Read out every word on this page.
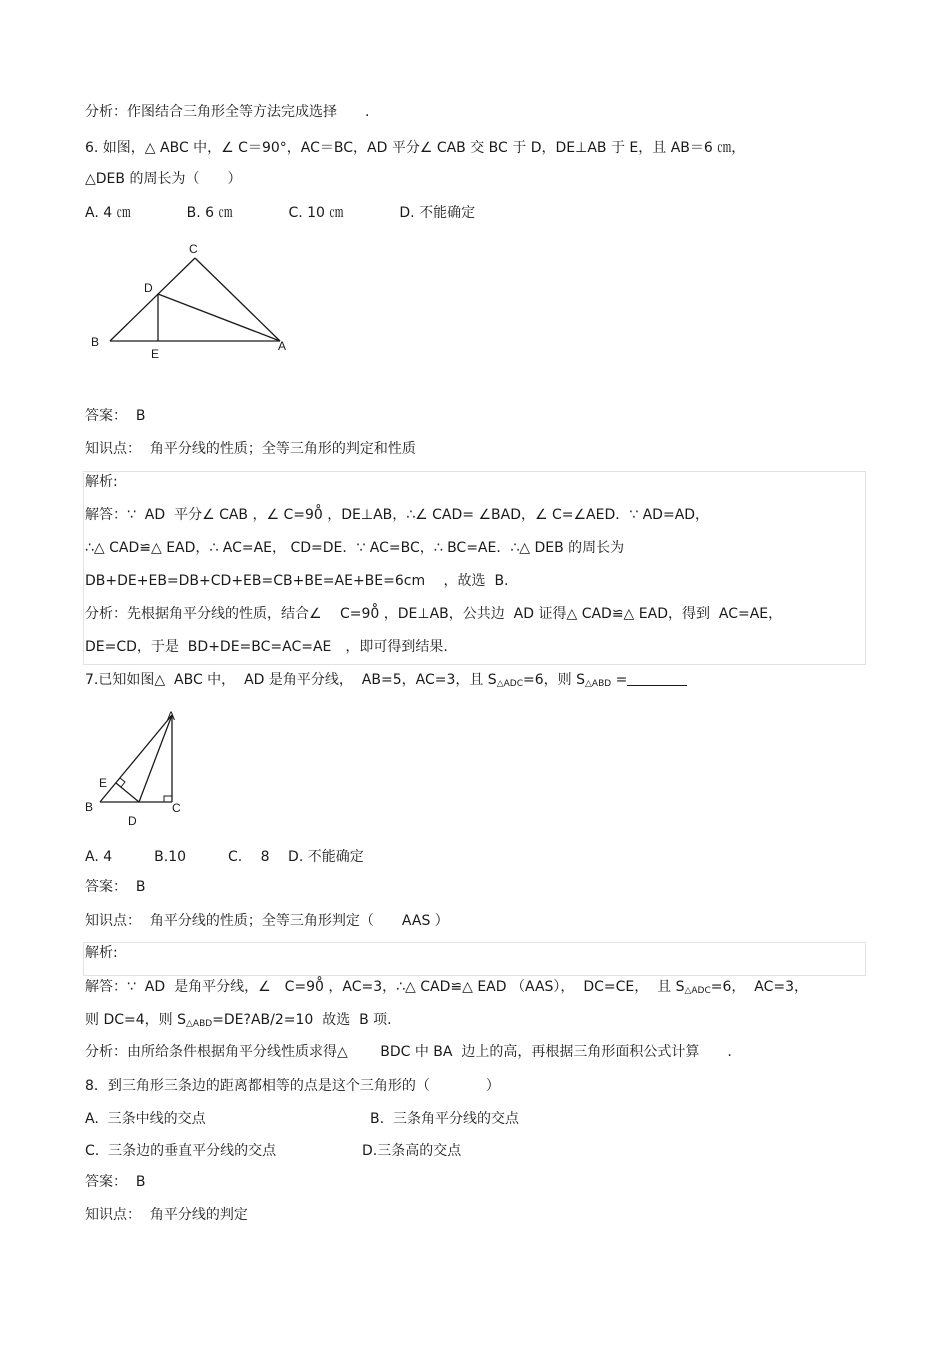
分析：作图结合三角形全等方法完成选择　　.
6. 如图，△ ABC 中，∠ C＝90°，AC＝BC，AD 平分∠ CAB 交 BC 于 D，DE⊥AB 于 E，且 AB＝6 ㎝，
△DEB 的周长为（　　）
A. 4 ㎝　　　　B. 6 ㎝　　　　C. 10 ㎝　　　　D. 不能确定
C
D
B
E
A
答案：  B
知识点：  角平分线的性质；全等三角形的判定和性质
解析:
解答：∵  AD  平分∠ CAB ，∠ C=90̊ ，DE⊥AB，∴∠ CAD= ∠BAD，∠ C=∠AED．∵ AD=AD，
∴△ CAD≌△ EAD，∴ AC=AE， CD=DE．∵ AC=BC，∴ BC=AE．∴△ DEB 的周长为
DB+DE+EB=DB+CD+EB=CB+BE=AE+BE=6cm　 ，故选  B.
分析：先根据角平分线的性质，结合∠　 C=90̊ ，DE⊥AB，公共边  AD 证得△ CAD≌△ EAD，得到  AC=AE，
DE=CD，于是  BD+DE=BC=AC=AE　，即可得到结果.
7.已知如图△  ABC 中，  AD 是角平分线，  AB=5，AC=3，且 $S_{\triangle ADC}=6$，则 $S_{\triangle ABD}$ =
A
E
B	C
D
A. 4　　　B.10　　　C.　 8　 D. 不能确定
答案：  B
知识点：  角平分线的性质；全等三角形判定（　　AAS ）
解析:
解答：∵  AD  是角平分线，∠　C=90̊ ，AC=3，∴△ CAD≌△ EAD （AAS），  DC=CE，  且 $S_{\triangle ADC}=6$，  AC=3，
则 DC=4，则 $S_{\triangle ABD}=DE?AB/2=10$  故选  B 项.
分析：由所给条件根据角平分线性质求得△　　 BDC 中 BA  边上的高，再根据三角形面积公式计算　　.
8．到三角形三条边的距离都相等的点是这个三角形的（　　　　）
A.  三条中线的交点	B.  三条角平分线的交点
C.  三条边的垂直平分线的交点	D.三条高的交点
答案：  B
知识点：  角平分线的判定
